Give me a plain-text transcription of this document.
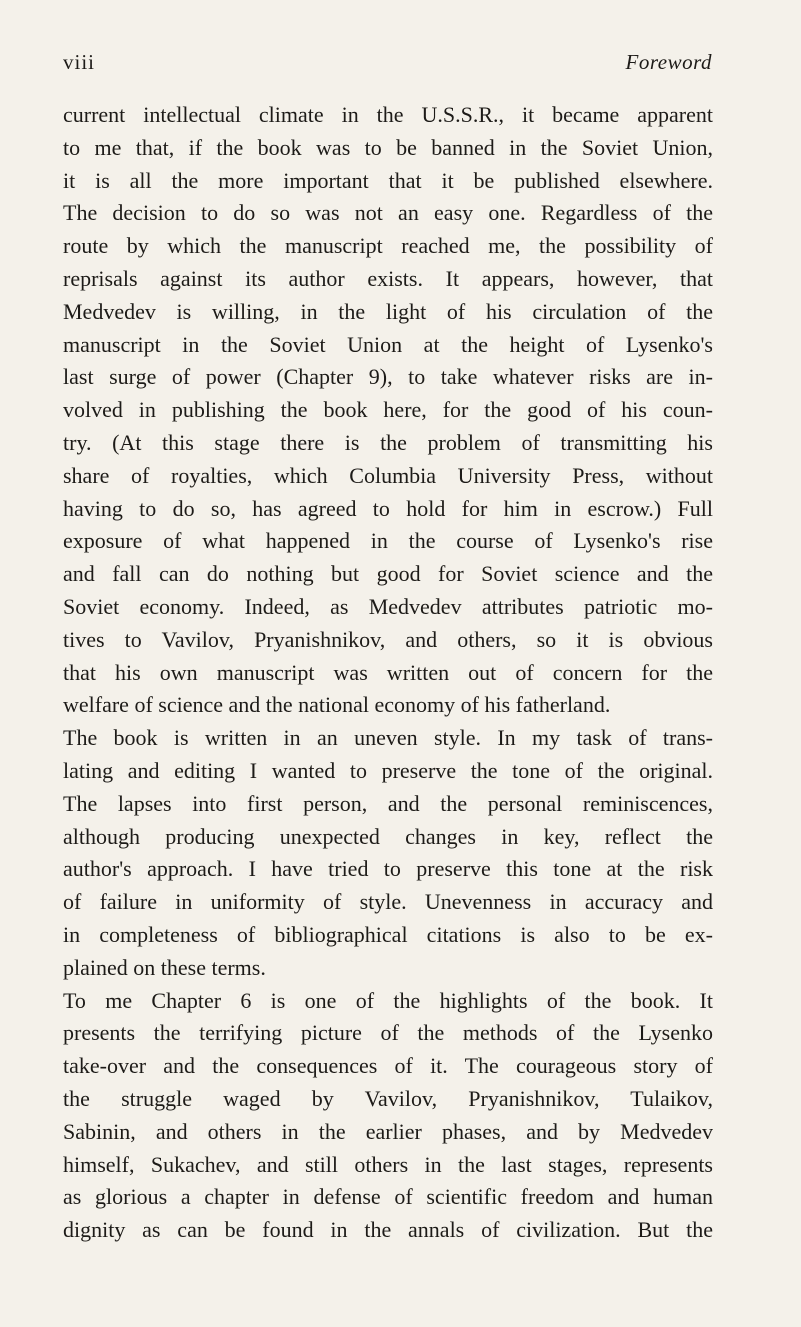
viii	Foreword
current intellectual climate in the U.S.S.R., it became apparent
to me that, if the book was to be banned in the Soviet Union,
it is all the more important that it be published elsewhere.
The decision to do so was not an easy one. Regardless of the
route by which the manuscript reached me, the possibility of
reprisals against its author exists. It appears, however, that
Medvedev is willing, in the light of his circulation of the
manuscript in the Soviet Union at the height of Lysenko's
last surge of power (Chapter 9), to take whatever risks are in-
volved in publishing the book here, for the good of his coun-
try. (At this stage there is the problem of transmitting his
share of royalties, which Columbia University Press, without
having to do so, has agreed to hold for him in escrow.) Full
exposure of what happened in the course of Lysenko's rise
and fall can do nothing but good for Soviet science and the
Soviet economy. Indeed, as Medvedev attributes patriotic mo-
tives to Vavilov, Pryanishnikov, and others, so it is obvious
that his own manuscript was written out of concern for the
welfare of science and the national economy of his fatherland.
The book is written in an uneven style. In my task of trans-
lating and editing I wanted to preserve the tone of the original.
The lapses into first person, and the personal reminiscences,
although producing unexpected changes in key, reflect the
author's approach. I have tried to preserve this tone at the risk
of failure in uniformity of style. Unevenness in accuracy and
in completeness of bibliographical citations is also to be ex-
plained on these terms.
To me Chapter 6 is one of the highlights of the book. It
presents the terrifying picture of the methods of the Lysenko
take-over and the consequences of it. The courageous story of
the struggle waged by Vavilov, Pryanishnikov, Tulaikov,
Sabinin, and others in the earlier phases, and by Medvedev
himself, Sukachev, and still others in the last stages, represents
as glorious a chapter in defense of scientific freedom and human
dignity as can be found in the annals of civilization. But the
